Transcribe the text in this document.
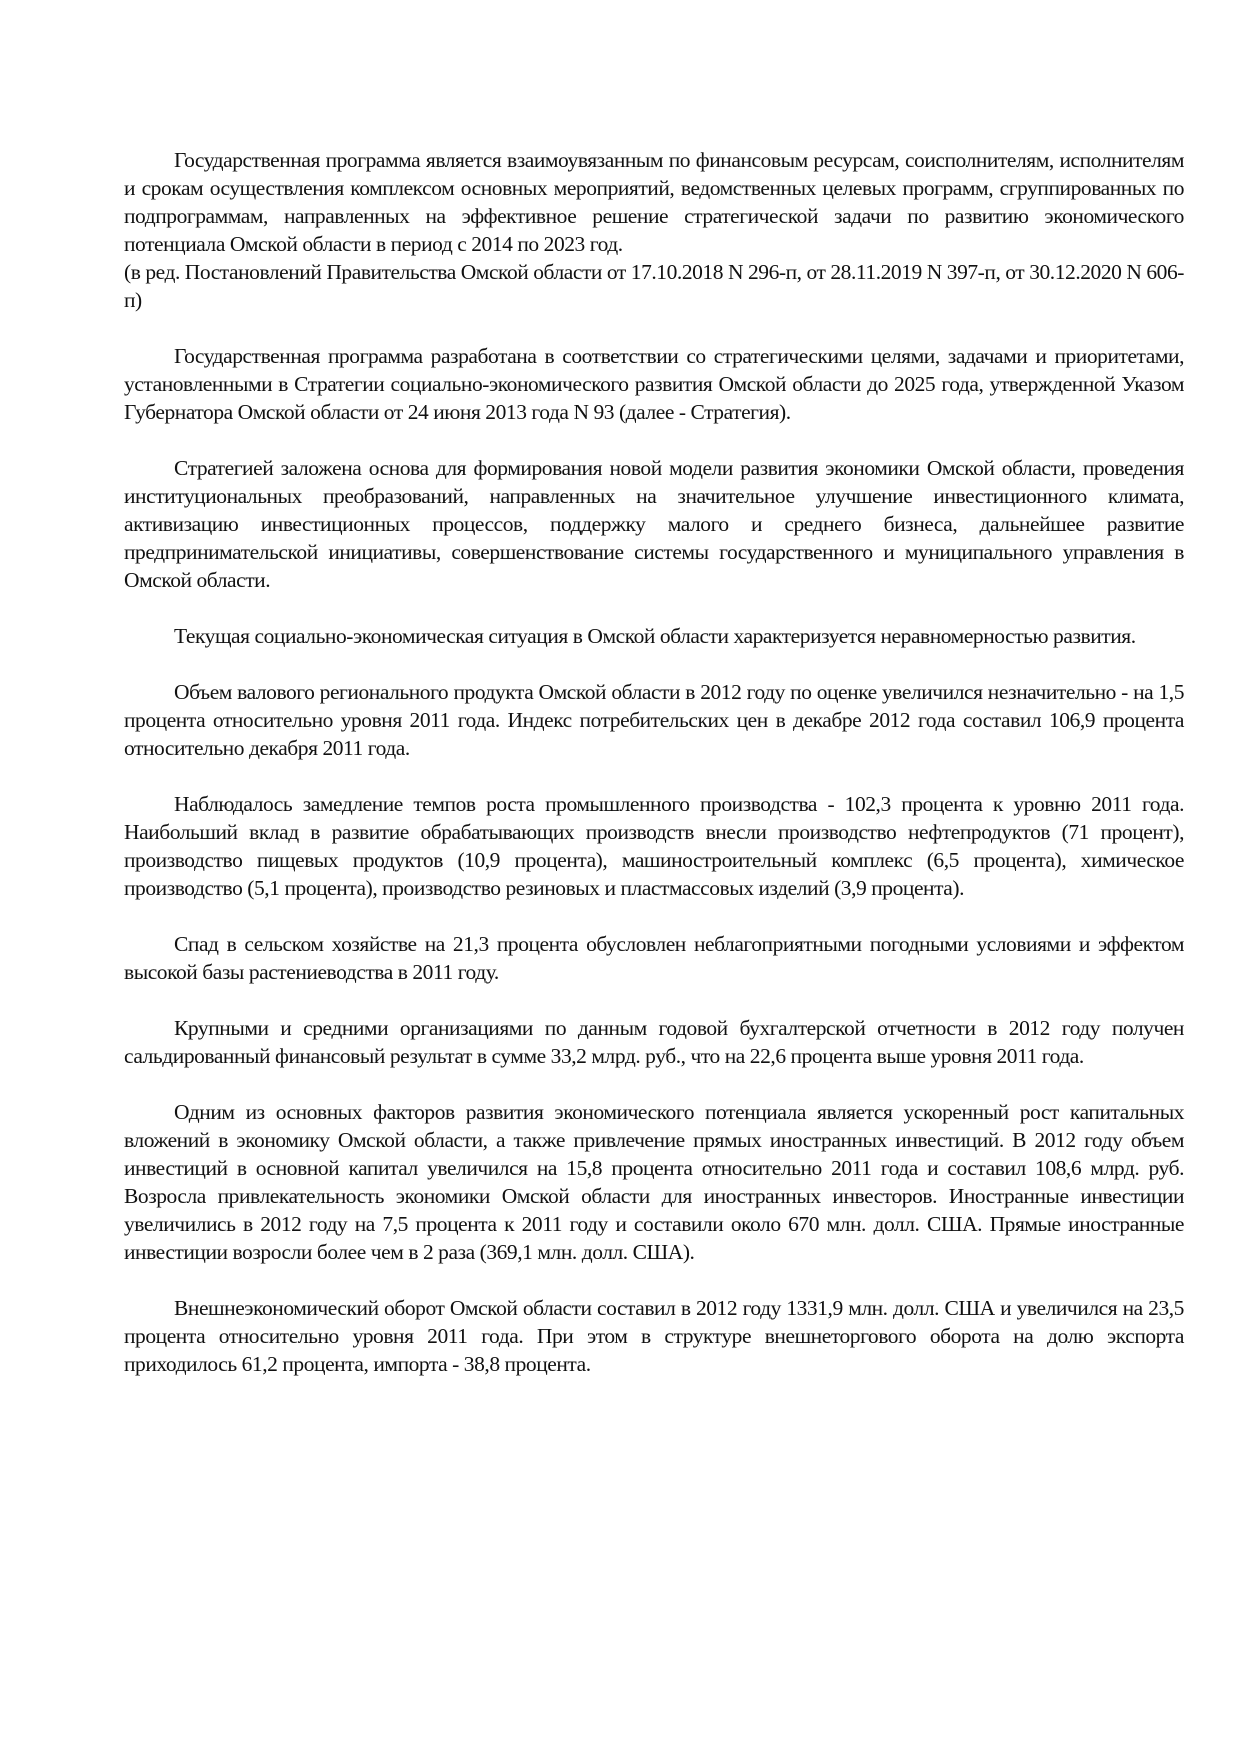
Государственная программа является взаимоувязанным по финансовым ресурсам, соисполнителям, исполнителям и срокам осуществления комплексом основных мероприятий, ведомственных целевых программ, сгруппированных по подпрограммам, направленных на эффективное решение стратегической задачи по развитию экономического потенциала Омской области в период с 2014 по 2023 год.

(в ред. Постановлений Правительства Омской области от 17.10.2018 N 296-п, от 28.11.2019 N 397-п, от 30.12.2020 N 606-п)

Государственная программа разработана в соответствии со стратегическими целями, задачами и приоритетами, установленными в Стратегии социально-экономического развития Омской области до 2025 года, утвержденной Указом Губернатора Омской области от 24 июня 2013 года N 93 (далее - Стратегия).

Стратегией заложена основа для формирования новой модели развития экономики Омской области, проведения институциональных преобразований, направленных на значительное улучшение инвестиционного климата, активизацию инвестиционных процессов, поддержку малого и среднего бизнеса, дальнейшее развитие предпринимательской инициативы, совершенствование системы государственного и муниципального управления в Омской области.

Текущая социально-экономическая ситуация в Омской области характеризуется неравномерностью развития.

Объем валового регионального продукта Омской области в 2012 году по оценке увеличился незначительно - на 1,5 процента относительно уровня 2011 года. Индекс потребительских цен в декабре 2012 года составил 106,9 процента относительно декабря 2011 года.

Наблюдалось замедление темпов роста промышленного производства - 102,3 процента к уровню 2011 года. Наибольший вклад в развитие обрабатывающих производств внесли производство нефтепродуктов (71 процент), производство пищевых продуктов (10,9 процента), машиностроительный комплекс (6,5 процента), химическое производство (5,1 процента), производство резиновых и пластмассовых изделий (3,9 процента).

Спад в сельском хозяйстве на 21,3 процента обусловлен неблагоприятными погодными условиями и эффектом высокой базы растениеводства в 2011 году.

Крупными и средними организациями по данным годовой бухгалтерской отчетности в 2012 году получен сальдированный финансовый результат в сумме 33,2 млрд. руб., что на 22,6 процента выше уровня 2011 года.

Одним из основных факторов развития экономического потенциала является ускоренный рост капитальных вложений в экономику Омской области, а также привлечение прямых иностранных инвестиций. В 2012 году объем инвестиций в основной капитал увеличился на 15,8 процента относительно 2011 года и составил 108,6 млрд. руб. Возросла привлекательность экономики Омской области для иностранных инвесторов. Иностранные инвестиции увеличились в 2012 году на 7,5 процента к 2011 году и составили около 670 млн. долл. США. Прямые иностранные инвестиции возросли более чем в 2 раза (369,1 млн. долл. США).

Внешнеэкономический оборот Омской области составил в 2012 году 1331,9 млн. долл. США и увеличился на 23,5 процента относительно уровня 2011 года. При этом в структуре внешнеторгового оборота на долю экспорта приходилось 61,2 процента, импорта - 38,8 процента.
